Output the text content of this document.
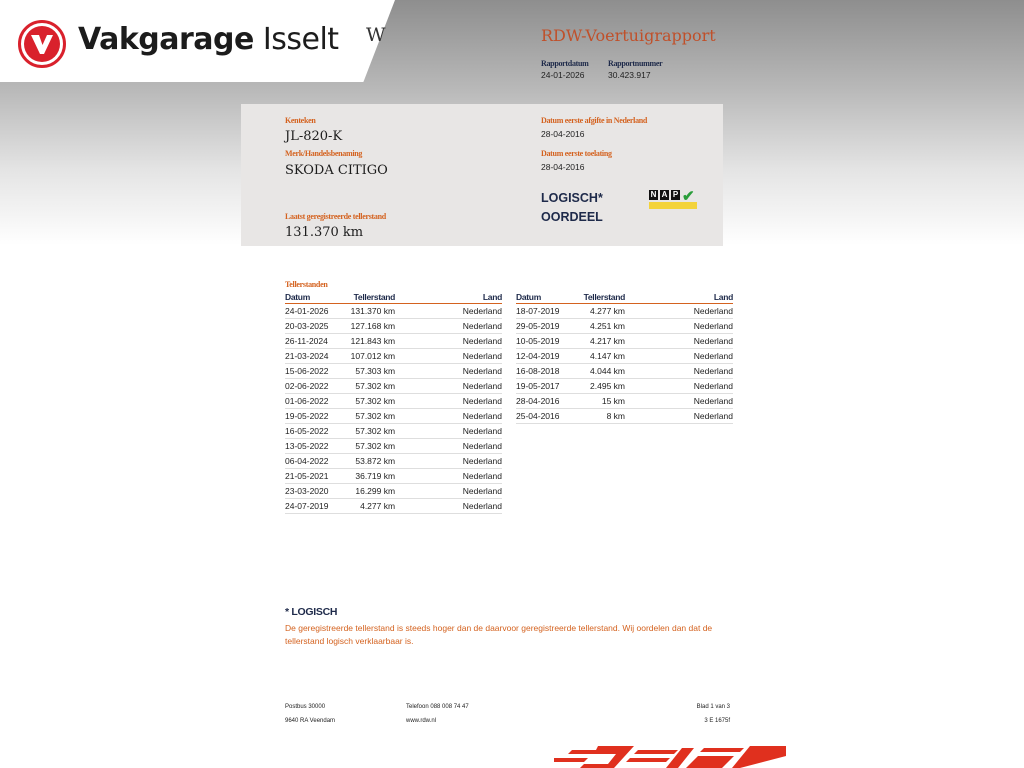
Vakgarage Isselt W	RDW-Voertuigrapport
Rapportdatum
24-01-2026
Rapportnummer
30.423.917
Kenteken
JL-820-K
Merk/Handelsbenaming
SKODA CITIGO
Laatst geregistreerde tellerstand
131.370 km
Datum eerste afgifte in Nederland
28-04-2016
Datum eerste toelating
28-04-2016
LOGISCH*
OORDEEL
N A P ✔
Tellerstanden
Datum	Tellerstand	Land
24-01-2026	131.370 km	Nederland
20-03-2025	127.168 km	Nederland
26-11-2024	121.843 km	Nederland
21-03-2024	107.012 km	Nederland
15-06-2022	57.303 km	Nederland
02-06-2022	57.302 km	Nederland
01-06-2022	57.302 km	Nederland
19-05-2022	57.302 km	Nederland
16-05-2022	57.302 km	Nederland
13-05-2022	57.302 km	Nederland
06-04-2022	53.872 km	Nederland
21-05-2021	36.719 km	Nederland
23-03-2020	16.299 km	Nederland
24-07-2019	4.277 km	Nederland
Datum	Tellerstand	Land
18-07-2019	4.277 km	Nederland
29-05-2019	4.251 km	Nederland
10-05-2019	4.217 km	Nederland
12-04-2019	4.147 km	Nederland
16-08-2018	4.044 km	Nederland
19-05-2017	2.495 km	Nederland
28-04-2016	15 km	Nederland
25-04-2016	8 km	Nederland
* LOGISCH
De geregistreerde tellerstand is steeds hoger dan de daarvoor geregistreerde tellerstand. Wij oordelen dan dat de tellerstand logisch verklaarbaar is.
Postbus 30000
9640 RA Veendam
Telefoon 088 008 74 47
www.rdw.nl
Blad 1 van 3
3 E 1675f
